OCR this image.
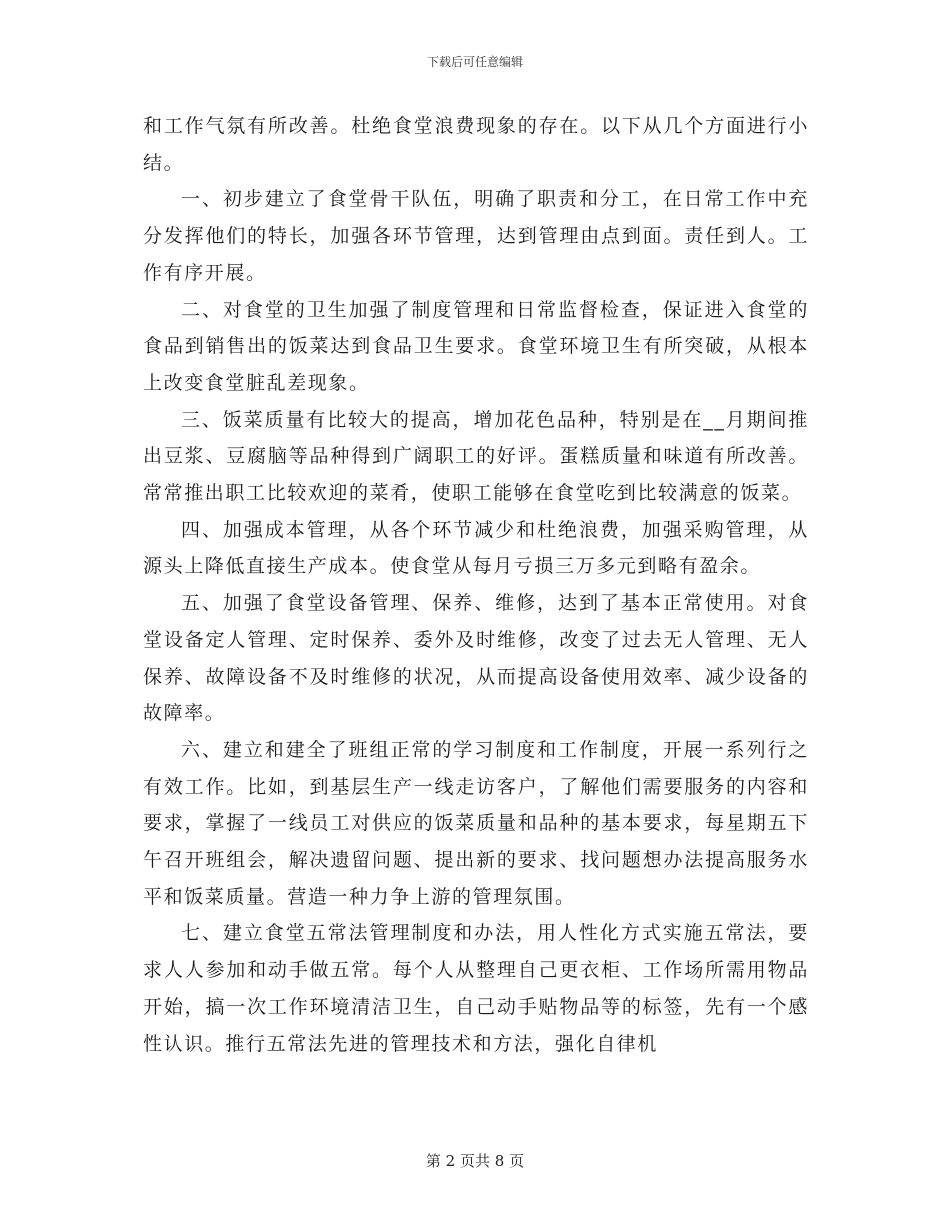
下载后可任意编辑

和工作气氛有所改善。杜绝食堂浪费现象的存在。以下从几个方面进行小结。

一、初步建立了食堂骨干队伍，明确了职责和分工，在日常工作中充分发挥他们的特长，加强各环节管理，达到管理由点到面。责任到人。工作有序开展。

二、对食堂的卫生加强了制度管理和日常监督检查，保证进入食堂的食品到销售出的饭菜达到食品卫生要求。食堂环境卫生有所突破，从根本上改变食堂脏乱差现象。

三、饭菜质量有比较大的提高，增加花色品种，特别是在__月期间推出豆浆、豆腐脑等品种得到广阔职工的好评。蛋糕质量和味道有所改善。常常推出职工比较欢迎的菜肴，使职工能够在食堂吃到比较满意的饭菜。

四、加强成本管理，从各个环节减少和杜绝浪费，加强采购管理，从源头上降低直接生产成本。使食堂从每月亏损三万多元到略有盈余。

五、加强了食堂设备管理、保养、维修，达到了基本正常使用。对食堂设备定人管理、定时保养、委外及时维修，改变了过去无人管理、无人保养、故障设备不及时维修的状况，从而提高设备使用效率、减少设备的故障率。

六、建立和建全了班组正常的学习制度和工作制度，开展一系列行之有效工作。比如，到基层生产一线走访客户，了解他们需要服务的内容和要求，掌握了一线员工对供应的饭菜质量和品种的基本要求，每星期五下午召开班组会，解决遗留问题、提出新的要求、找问题想办法提高服务水平和饭菜质量。营造一种力争上游的管理氛围。

七、建立食堂五常法管理制度和办法，用人性化方式实施五常法，要求人人参加和动手做五常。每个人从整理自己更衣柜、工作场所需用物品开始，搞一次工作环境清洁卫生，自己动手贴物品等的标签，先有一个感性认识。推行五常法先进的管理技术和方法，强化自律机

第 2 页共 8 页
